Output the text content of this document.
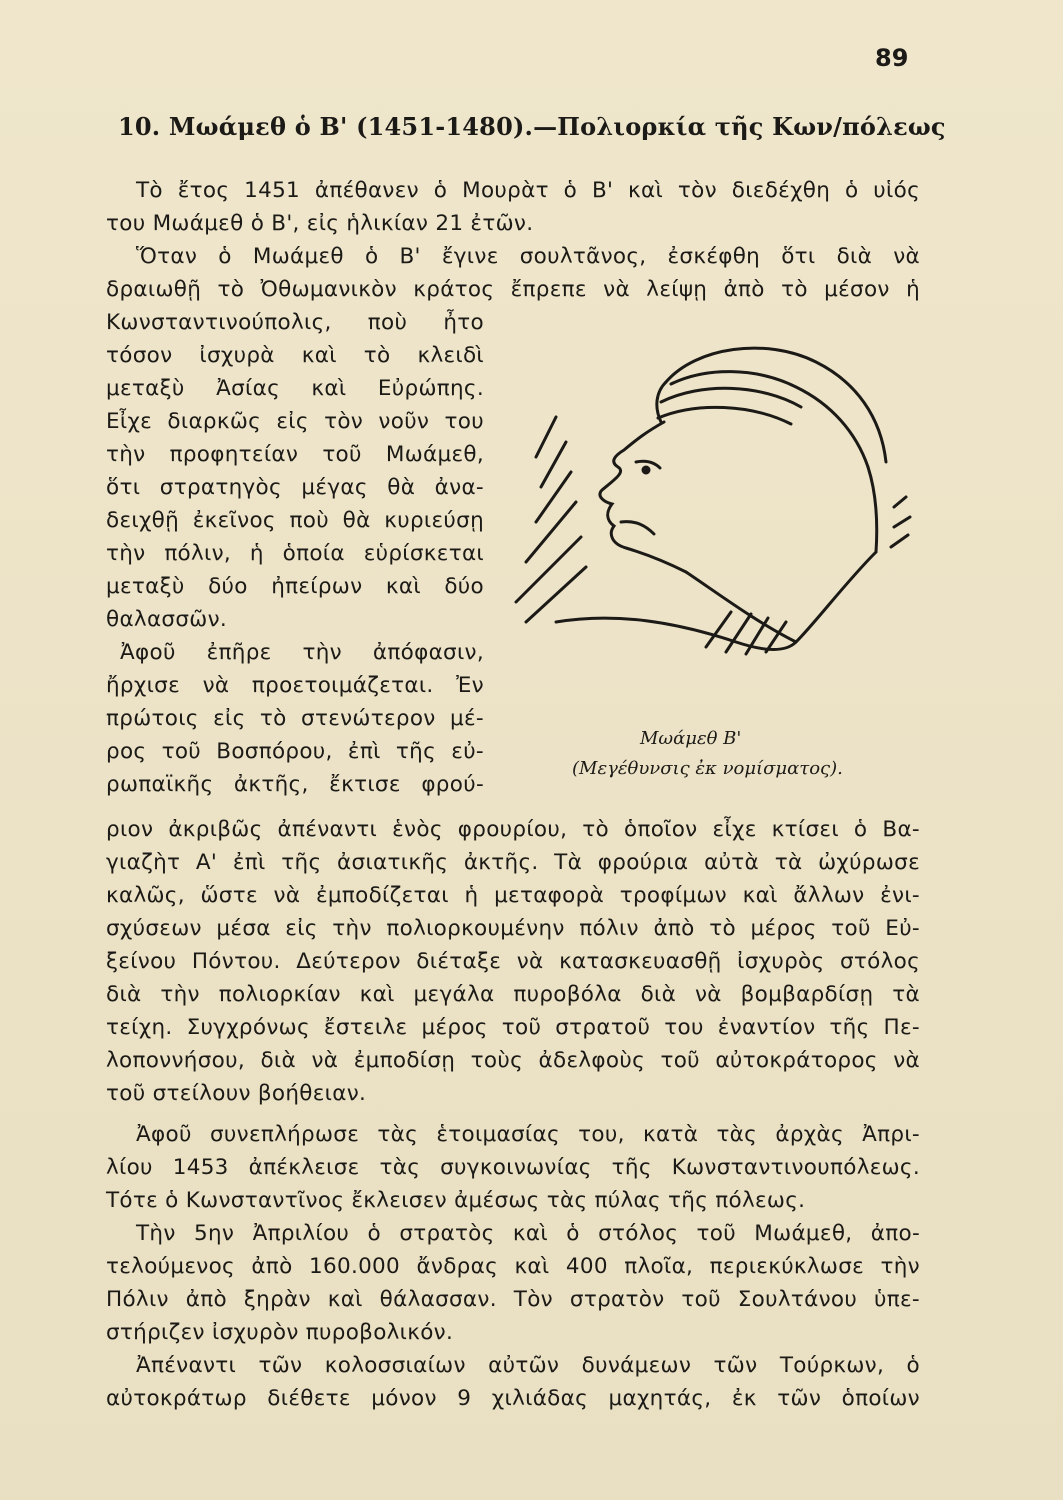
89
10. Μωάμεθ ὁ Β' (1451-1480).—Πολιορκία τῆς Κων/πόλεως
Τὸ ἔτος 1451 ἀπέθανεν ὁ Μουρὰτ ὁ Β' καὶ τὸν διεδέχθη ὁ υἱός
του Μωάμεθ ὁ Β', εἰς ἡλικίαν 21 ἐτῶν.
Ὅταν ὁ Μωάμεθ ὁ Β' ἔγινε σουλτᾶνος, ἐσκέφθη ὅτι διὰ νὰ
δραιωθῇ τὸ Ὀθωμανικὸν κράτος ἔπρεπε νὰ λείψῃ ἀπὸ τὸ μέσον ἡ
Κωνσταντινούπολις, ποὺ ἦτο
τόσον ἰσχυρὰ καὶ τὸ κλειδὶ
μεταξὺ Ἀσίας καὶ Εὐρώπης.
Εἶχε διαρκῶς εἰς τὸν νοῦν του
τὴν προφητείαν τοῦ Μωάμεθ,
ὅτι στρατηγὸς μέγας θὰ ἀνα-
δειχθῇ ἐκεῖνος ποὺ θὰ κυριεύσῃ
τὴν πόλιν, ἡ ὁποία εὑρίσκεται
μεταξὺ δύο ἠπείρων καὶ δύο
θαλασσῶν.
Ἀφοῦ ἐπῆρε τὴν ἀπόφασιν,
ἤρχισε νὰ προετοιμάζεται. Ἐν
πρώτοις εἰς τὸ στενώτερον μέ-
ρος τοῦ Βοσπόρου, ἐπὶ τῆς εὐ-
ρωπαϊκῆς ἀκτῆς, ἔκτισε φρού-
Μωάμεθ Β'
(Μεγέθυνσις ἐκ νομίσματος).
ριον ἀκριβῶς ἀπέναντι ἑνὸς φρουρίου, τὸ ὁποῖον εἶχε κτίσει ὁ Βα-
γιαζὴτ Α' ἐπὶ τῆς ἀσιατικῆς ἀκτῆς. Τὰ φρούρια αὐτὰ τὰ ὠχύρωσε
καλῶς, ὥστε νὰ ἐμποδίζεται ἡ μεταφορὰ τροφίμων καὶ ἄλλων ἐνι-
σχύσεων μέσα εἰς τὴν πολιορκουμένην πόλιν ἀπὸ τὸ μέρος τοῦ Εὐ-
ξείνου Πόντου. Δεύτερον διέταξε νὰ κατασκευασθῇ ἰσχυρὸς στόλος
διὰ τὴν πολιορκίαν καὶ μεγάλα πυροβόλα διὰ νὰ βομβαρδίσῃ τὰ
τείχη. Συγχρόνως ἔστειλε μέρος τοῦ στρατοῦ του ἐναντίον τῆς Πε-
λοποννήσου, διὰ νὰ ἐμποδίσῃ τοὺς ἀδελφοὺς τοῦ αὐτοκράτορος νὰ
τοῦ στείλουν βοήθειαν.
Ἀφοῦ συνεπλήρωσε τὰς ἑτοιμασίας του, κατὰ τὰς ἀρχὰς Ἀπρι-
λίου 1453 ἀπέκλεισε τὰς συγκοινωνίας τῆς Κωνσταντινουπόλεως.
Τότε ὁ Κωνσταντῖνος ἔκλεισεν ἀμέσως τὰς πύλας τῆς πόλεως.
Τὴν 5ην Ἀπριλίου ὁ στρατὸς καὶ ὁ στόλος τοῦ Μωάμεθ, ἀπο-
τελούμενος ἀπὸ 160.000 ἄνδρας καὶ 400 πλοῖα, περιεκύκλωσε τὴν
Πόλιν ἀπὸ ξηρὰν καὶ θάλασσαν. Τὸν στρατὸν τοῦ Σουλτάνου ὑπε-
στήριζεν ἰσχυρὸν πυροβολικόν.
Ἀπέναντι τῶν κολοσσιαίων αὐτῶν δυνάμεων τῶν Τούρκων, ὁ
αὐτοκράτωρ διέθετε μόνον 9 χιλιάδας μαχητάς, ἐκ τῶν ὁποίων
